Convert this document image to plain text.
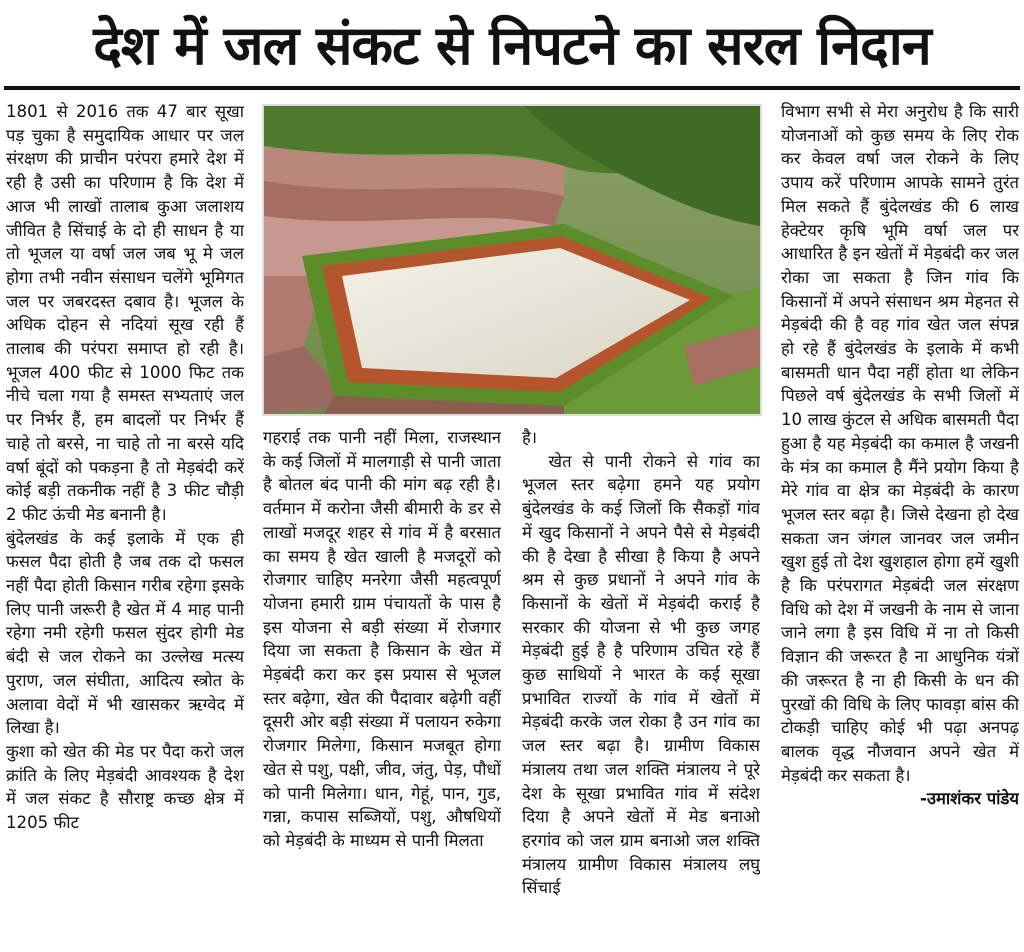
देश में जल संकट से निपटने का सरल निदान

1801 से 2016 तक 47 बार सूखा पड़ चुका है समुदायिक आधार पर जल संरक्षण की प्राचीन परंपरा हमारे देश में रही है उसी का परिणाम है कि देश में आज भी लाखों तालाब कुआ जलाशय जीवित है सिंचाई के दो ही साधन है या तो भूजल या वर्षा जल जब भू मे जल होगा तभी नवीन संसाधन चलेंगे भूमिगत जल पर जबरदस्त दबाव है। भूजल के अधिक दोहन से नदियां सूख रही हैं तालाब की परंपरा समाप्त हो रही है। भूजल 400 फीट से 1000 फिट तक नीचे चला गया है समस्त सभ्यताएं जल पर निर्भर हैं, हम बादलों पर निर्भर हैं चाहे तो बरसे, ना चाहे तो ना बरसे यदि वर्षा बूंदों को पकड़ना है तो मेड़बंदी करें कोई बड़ी तकनीक नहीं है 3 फीट चौड़ी 2 फीट ऊंची मेड बनानी है।

बुंदेलखंड के कई इलाके में एक ही फसल पैदा होती है जब तक दो फसल नहीं पैदा होती किसान गरीब रहेगा इसके लिए पानी जरूरी है खेत में 4 माह पानी रहेगा नमी रहेगी फसल सुंदर होगी मेड बंदी से जल रोकने का उल्लेख मत्स्य पुराण, जल संघीता, आदित्य स्त्रोत के अलावा वेदों में भी खासकर ऋग्वेद में लिखा है।

कुशा को खेत की मेड पर पैदा करो जल क्रांति के लिए मेड़बंदी आवश्यक है देश में जल संकट है सौराष्ट्र कच्छ क्षेत्र में 1205 फीट

गहराई तक पानी नहीं मिला, राजस्थान के कई जिलों में मालगाड़ी से पानी जाता है बोतल बंद पानी की मांग बढ़ रही है।वर्तमान में करोना जैसी बीमारी के डर से लाखों मजदूर शहर से गांव में है बरसात का समय है खेत खाली है मजदूरों को रोजगार चाहिए मनरेगा जैसी महत्वपूर्ण योजना हमारी ग्राम पंचायतों के पास है इस योजना से बड़ी संख्या में रोजगार दिया जा सकता है किसान के खेत में मेड़बंदी करा कर इस प्रयास से भूजल स्तर बढ़ेगा, खेत की पैदावार बढ़ेगी वहीं दूसरी ओर बड़ी संख्या में पलायन रुकेगा रोजगार मिलेगा, किसान मजबूत होगा खेत से पशु, पक्षी, जीव, जंतु, पेड़, पौधों को पानी मिलेगा। धान, गेहूं, पान, गुड, गन्ना, कपास सब्जियों, पशु, औषधियों को मेड़बंदी के माध्यम से पानी मिलता

है।

खेत से पानी रोकने से गांव का भूजल स्तर बढ़ेगा हमने यह प्रयोग बुंदेलखंड के कई जिलों कि सैकड़ों गांव में खुद किसानों ने अपने पैसे से मेड़बंदी की है देखा है सीखा है किया है अपने श्रम से कुछ प्रधानों ने अपने गांव के किसानों के खेतों में मेड़बंदी कराई है सरकार की योजना से भी कुछ जगह मेड़बंदी हुई है है परिणाम उचित रहे हैं कुछ साथियों ने भारत के कई सूखा प्रभावित राज्यों के गांव में खेतों में मेड़बंदी करके जल रोका है उन गांव का जल स्तर बढ़ा है। ग्रामीण विकास मंत्रालय तथा जल शक्ति मंत्रालय ने पूरे देश के सूखा प्रभावित गांव में संदेश दिया है अपने खेतों में मेड बनाओ हरगांव को जल ग्राम बनाओ जल शक्ति मंत्रालय ग्रामीण विकास मंत्रालय लघु सिंचाई

विभाग सभी से मेरा अनुरोध है कि सारी योजनाओं को कुछ समय के लिए रोक कर केवल वर्षा जल रोकने के लिए उपाय करें परिणाम आपके सामने तुरंत मिल सकते हैं बुंदेलखंड की 6 लाख हेक्टेयर कृषि भूमि वर्षा जल पर आधारित है इन खेतों में मेड़बंदी कर जल रोका जा सकता है जिन गांव कि किसानों में अपने संसाधन श्रम मेहनत से मेड़बंदी की है वह गांव खेत जल संपन्न हो रहे हैं बुंदेलखंड के इलाके में कभी बासमती धान पैदा नहीं होता था लेकिन पिछले वर्ष बुंदेलखंड के सभी जिलों में 10 लाख कुंटल से अधिक बासमती पैदा हुआ है यह मेड़बंदी का कमाल है जखनी के मंत्र का कमाल है मैंने प्रयोग किया है मेरे गांव वा क्षेत्र का मेड़बंदी के कारण भूजल स्तर बढ़ा है। जिसे देखना हो देख सकता जन जंगल जानवर जल जमीन खुश हुई तो देश खुशहाल होगा हमें खुशी है कि परंपरागत मेड़बंदी जल संरक्षण विधि को देश में जखनी के नाम से जाना जाने लगा है इस विधि में ना तो किसी विज्ञान की जरूरत है ना आधुनिक यंत्रों की जरूरत है ना ही किसी के धन की पुरखों की विधि के लिए फावड़ा बांस की टोकड़ी चाहिए कोई भी पढ़ा अनपढ़ बालक वृद्ध नौजवान अपने खेत में मेड़बंदी कर सकता है।

-उमाशंकर पांडेय
